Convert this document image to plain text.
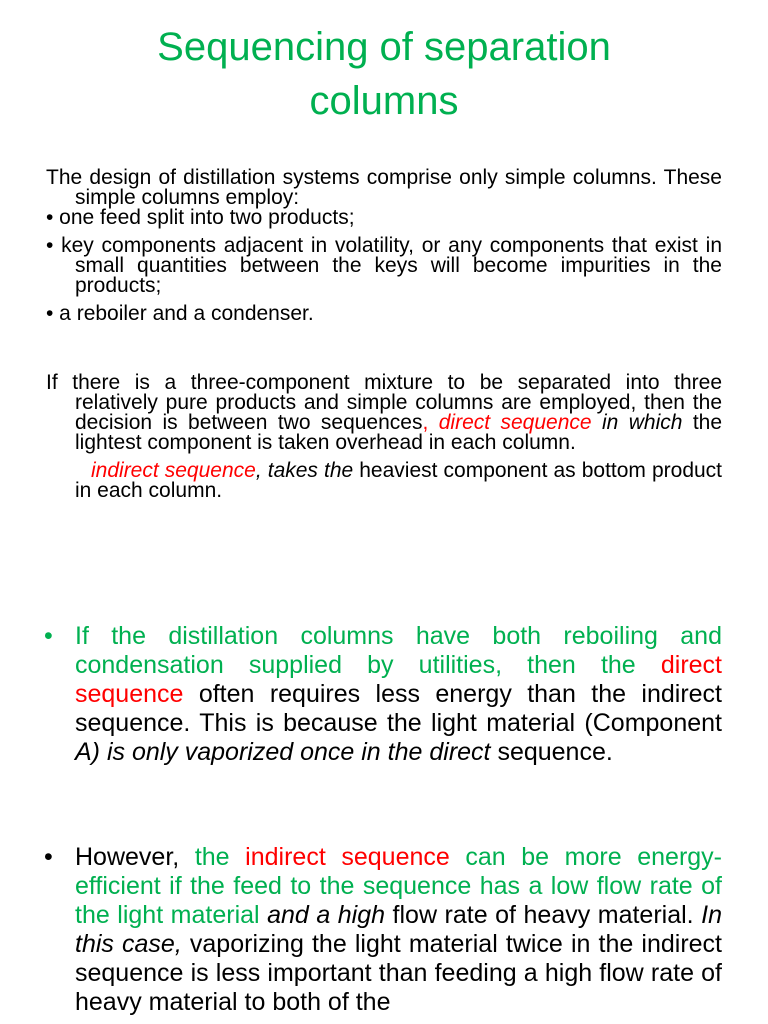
Sequencing of separation
columns
The design of distillation systems comprise only simple columns. These simple columns employ:
• one feed split into two products;
• key components adjacent in volatility, or any components that exist in small quantities between the keys will become impurities in the products;
• a reboiler and a condenser.
If there is a three-component mixture to be separated into three relatively pure products and simple columns are employed, then the decision is between two sequences, direct sequence in which the lightest component is taken overhead in each column.
indirect sequence, takes the heaviest component as bottom product in each column.
• If the distillation columns have both reboiling and condensation supplied by utilities, then the direct sequence often requires less energy than the indirect sequence. This is because the light material (Component A) is only vaporized once in the direct sequence.
• However, the indirect sequence can be more energy-efficient if the feed to the sequence has a low flow rate of the light material and a high flow rate of heavy material. In this case, vaporizing the light material twice in the indirect sequence is less important than feeding a high flow rate of heavy material to both of the
